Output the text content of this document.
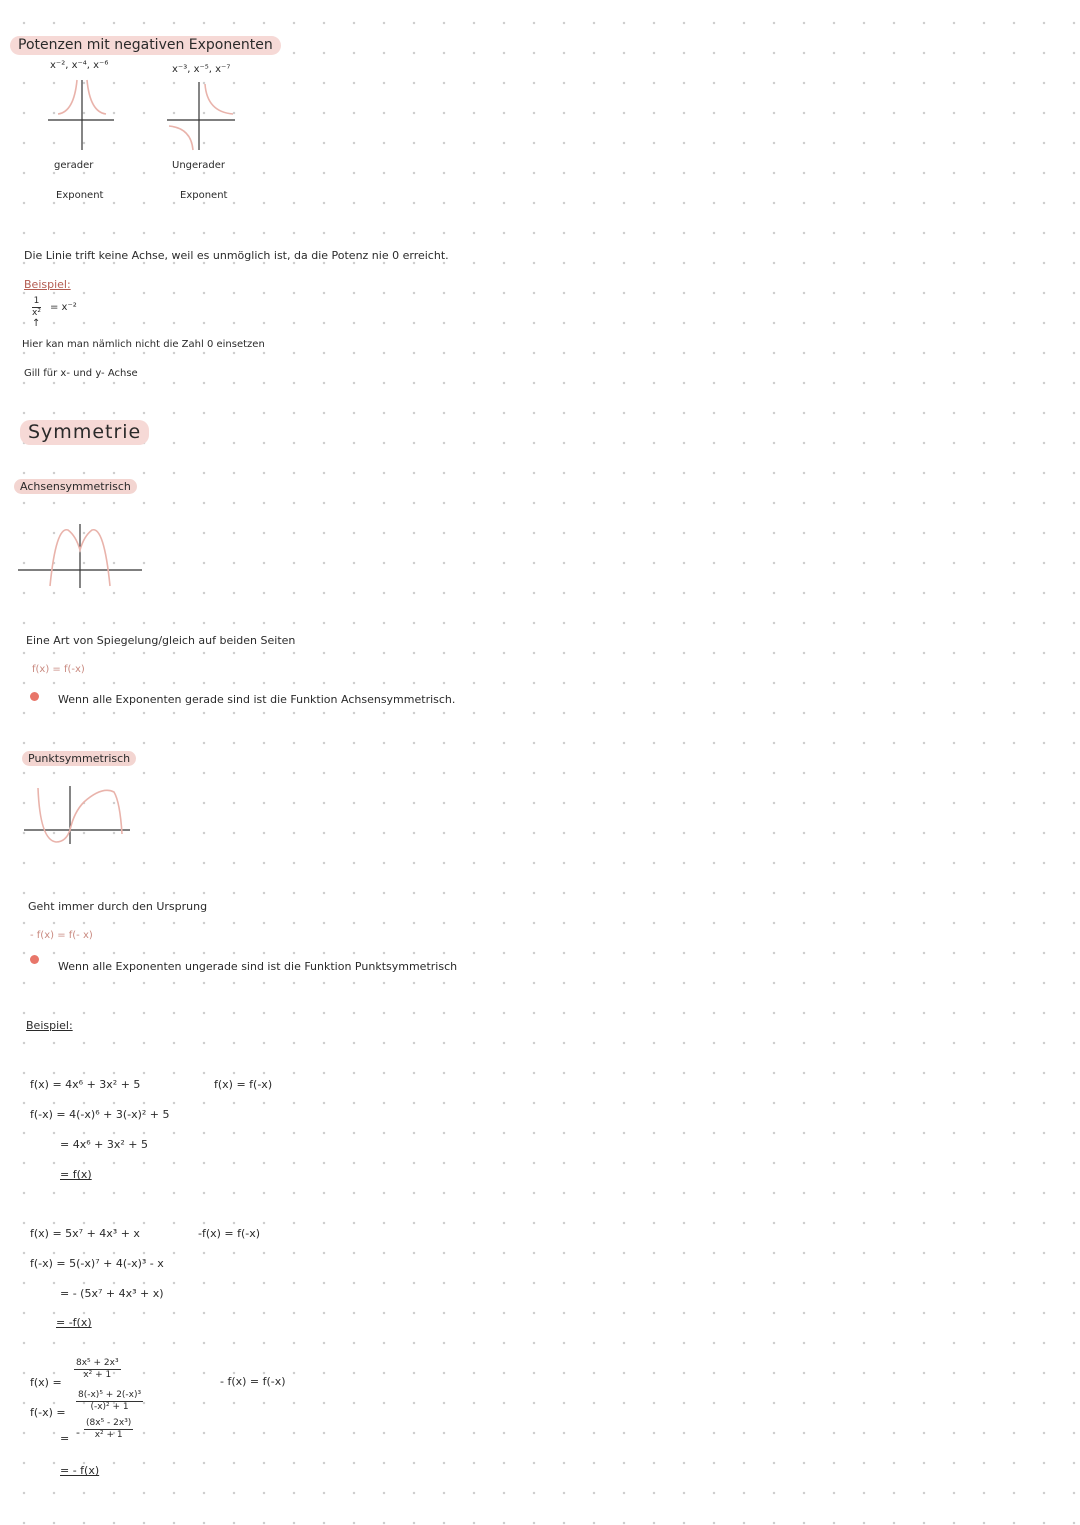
Potenzen mit negativen Exponenten
x⁻², x⁻⁴, x⁻⁶
gerader
Exponent
x⁻³, x⁻⁵, x⁻⁷
Ungerader
Exponent
Die Linie trift keine Achse, weil es unmöglich ist, da die Potenz nie 0 erreicht.
Beispiel:
$\frac{1}{\text{x²}} = x^{-2}$
↑
Hier kan man nämlich nicht die Zahl 0 einsetzen
Gill für x- und y- Achse
Symmetrie
Achsensymmetrisch
Eine Art von Spiegelung/gleich auf beiden Seiten
f(x) = f(-x)
Wenn alle Exponenten gerade sind ist die Funktion Achsensymmetrisch.
Punktsymmetrisch
Geht immer durch den Ursprung
- f(x) = f(- x)
Wenn alle Exponenten ungerade sind ist die Funktion Punktsymmetrisch
Beispiel:
f(x) = 4x⁶ + 3x² + 5	f(x) = f(-x)
f(-x) = 4(-x)⁶ + 3(-x)² + 5
= 4x⁶ + 3x² + 5
= f(x)
f(x) = 5x⁷ + 4x³ + x	-f(x) = f(-x)
f(-x) = 5(-x)⁷ + 4(-x)³ - x
= - (5x⁷ + 4x³ + x)
= -f(x)
f(x) =
$\frac{\text{8x⁵ + 2x³}}{\text{x² + 1}}$	- f(x) = f(-x)
$f(-x) = \frac{\text{8(-x)⁵ + 2(-x)³}}{\text{(-x)² + 1}}$
= - $\frac{\text{(8x⁵ - 2x³)}}{\text{x² + 1}}$
= - f(x)
